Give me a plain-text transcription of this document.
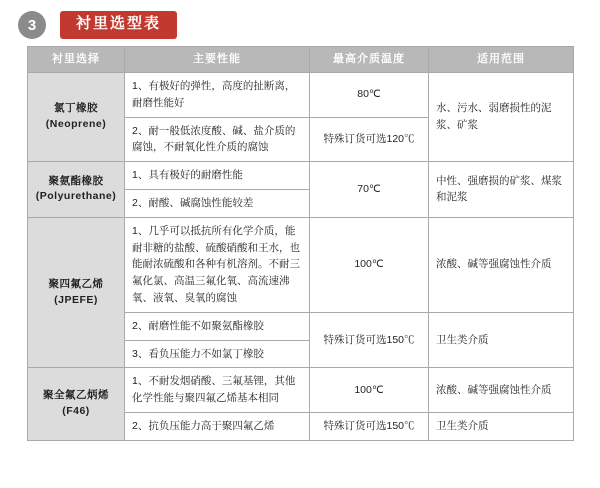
3	衬里选型表
衬里选择	主要性能	最高介质温度	适用范围
氯丁橡胶
(Neoprene)	1、有极好的弹性，高度的扯断离，耐磨性能好	80℃	水、污水、弱磨损性的泥浆、矿浆
	2、耐一般低浓度酸、碱、盐介质的腐蚀，不耐氧化性介质的腐蚀	特殊订货可选120℃	
聚氨酯橡胶
(Polyurethane)	1、具有极好的耐磨性能	70℃	中性、强磨损的矿浆、煤浆和泥浆
	2、耐酸、碱腐蚀性能较差		
聚四氟乙烯
(JPEFE)	1、几乎可以抵抗所有化学介质，能耐非糖的盐酸、硫酸硝酸和王水，也能耐浓硫酸和各种有机溶剂。不耐三氟化氯、高温三氟化氧、高流速沸氧、液氧、臭氧的腐蚀	100℃	浓酸、碱等强腐蚀性介质
	2、耐磨性能不如聚氨酯橡胶	特殊订货可选150℃	卫生类介质
	3、看负压能力不如氯丁橡胶		
聚全氟乙炳烯
(F46)	1、不耐发烟硝酸、三氟基锂，其他化学性能与聚四氟乙烯基本相同	100℃	浓酸、碱等强腐蚀性介质
	2、抗负压能力高于聚四氟乙烯	特殊订货可选150℃	卫生类介质
